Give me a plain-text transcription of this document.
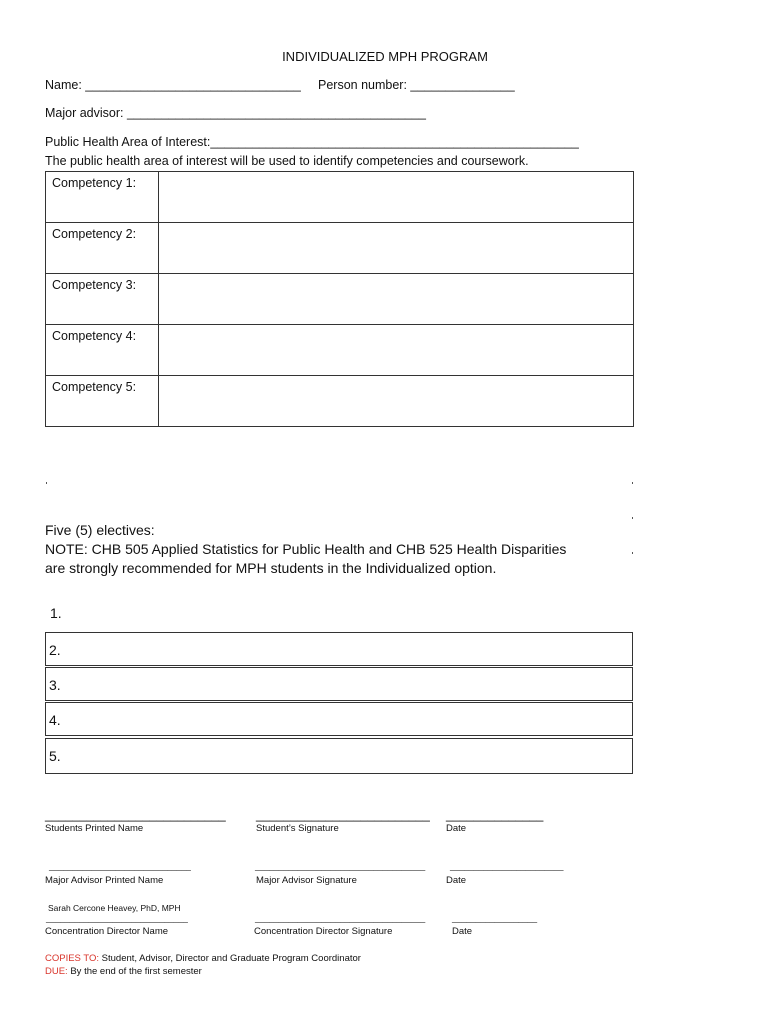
INDIVIDUALIZED MPH PROGRAM
Name: _______________________________ Person number: _______________
Major advisor: ___________________________________________
Public Health Area of Interest:_____________________________________________________
The public health area of interest will be used to identify competencies and coursework.
Competency 1:	
Competency 2:	
Competency 3:	
Competency 4:	
Competency 5:	
Five (5) electives:
NOTE: CHB 505 Applied Statistics for Public Health and CHB 525 Health Disparities
are strongly recommended for MPH students in the Individualized option.
1.
2.
3.
4.
5.
__________________________ _________________________ ______________
Students Printed Name	Student’s Signature	Date
______________________________	____________________________________	________________________
Major Advisor Printed Name	Major Advisor Signature	Date
Sarah Cercone Heavey, PhD, MPH
______________________________	____________________________________	__________________
Concentration Director Name	Concentration Director Signature	Date
COPIES TO: Student, Advisor, Director and Graduate Program Coordinator
DUE: By the end of the first semester
